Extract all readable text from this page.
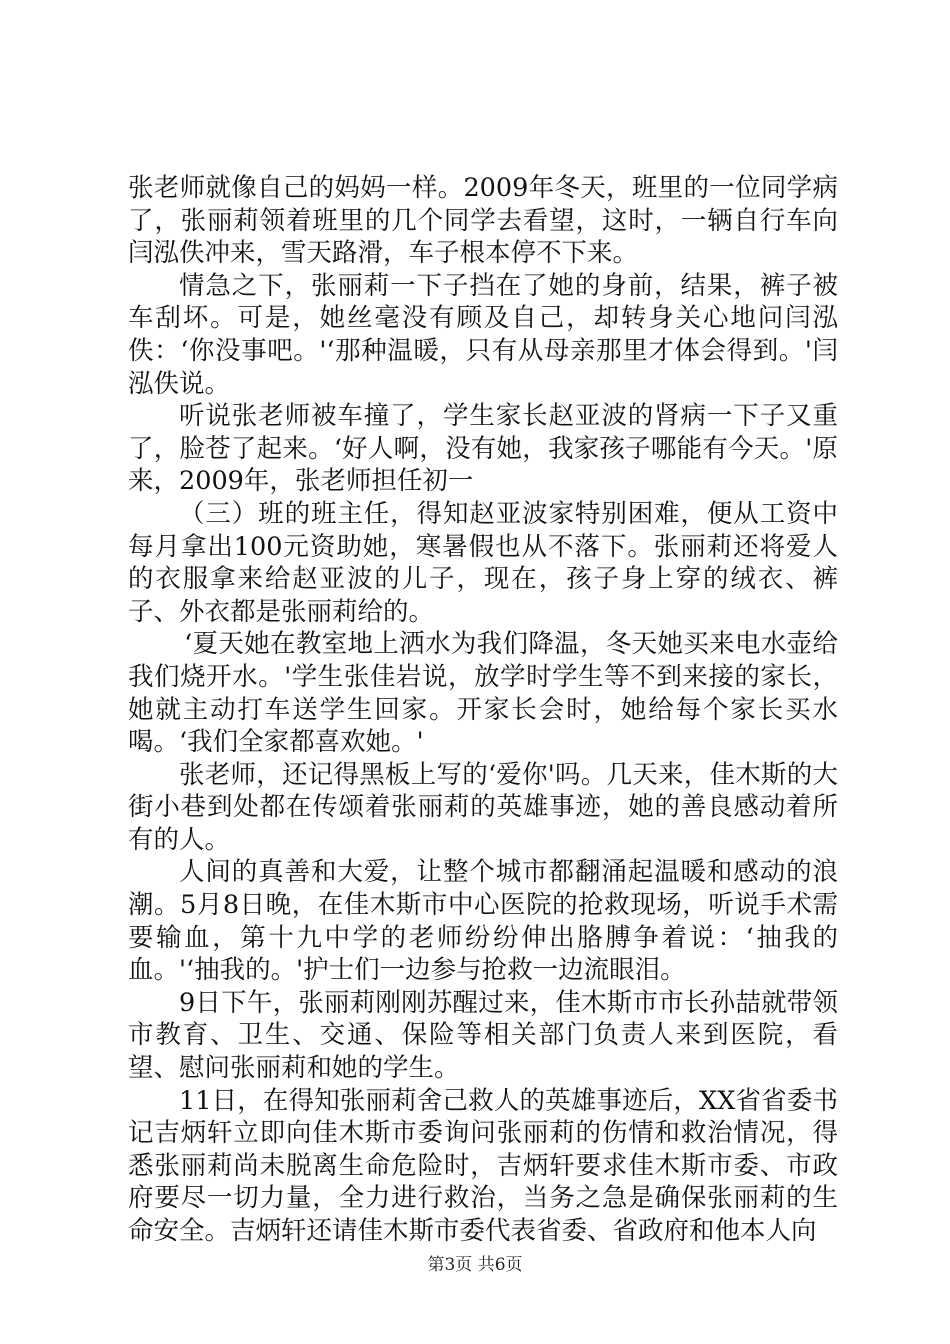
张老师就像自己的妈妈一样。2009年冬天，班里的一位同学病了，张丽莉领着班里的几个同学去看望，这时，一辆自行车向闫泓佚冲来，雪天路滑，车子根本停不下来。

情急之下，张丽莉一下子挡在了她的身前，结果，裤子被车刮坏。可是，她丝毫没有顾及自己，却转身关心地问闫泓佚：‘你没事吧。'‘那种温暖，只有从母亲那里才体会得到。'闫泓佚说。

听说张老师被车撞了，学生家长赵亚波的肾病一下子又重了，脸苍了起来。‘好人啊，没有她，我家孩子哪能有今天。'原来，2009年，张老师担任初一

（三）班的班主任，得知赵亚波家特别困难，便从工资中每月拿出100元资助她，寒暑假也从不落下。张丽莉还将爱人的衣服拿来给赵亚波的儿子，现在，孩子身上穿的绒衣、裤子、外衣都是张丽莉给的。

‘夏天她在教室地上洒水为我们降温，冬天她买来电水壶给我们烧开水。'学生张佳岩说，放学时学生等不到来接的家长，她就主动打车送学生回家。开家长会时，她给每个家长买水喝。‘我们全家都喜欢她。'

张老师，还记得黑板上写的‘爱你'吗。几天来，佳木斯的大街小巷到处都在传颂着张丽莉的英雄事迹，她的善良感动着所有的人。

人间的真善和大爱，让整个城市都翻涌起温暖和感动的浪潮。5月8日晚，在佳木斯市中心医院的抢救现场，听说手术需要输血，第十九中学的老师纷纷伸出胳膊争着说：‘抽我的血。'‘抽我的。'护士们一边参与抢救一边流眼泪。

9日下午，张丽莉刚刚苏醒过来，佳木斯市市长孙喆就带领市教育、卫生、交通、保险等相关部门负责人来到医院，看望、慰问张丽莉和她的学生。

11日，在得知张丽莉舍己救人的英雄事迹后，XX省省委书记吉炳轩立即向佳木斯市委询问张丽莉的伤情和救治情况，得悉张丽莉尚未脱离生命危险时，吉炳轩要求佳木斯市委、市政府要尽一切力量，全力进行救治，当务之急是确保张丽莉的生命安全。吉炳轩还请佳木斯市委代表省委、省政府和他本人向

第3页 共6页
